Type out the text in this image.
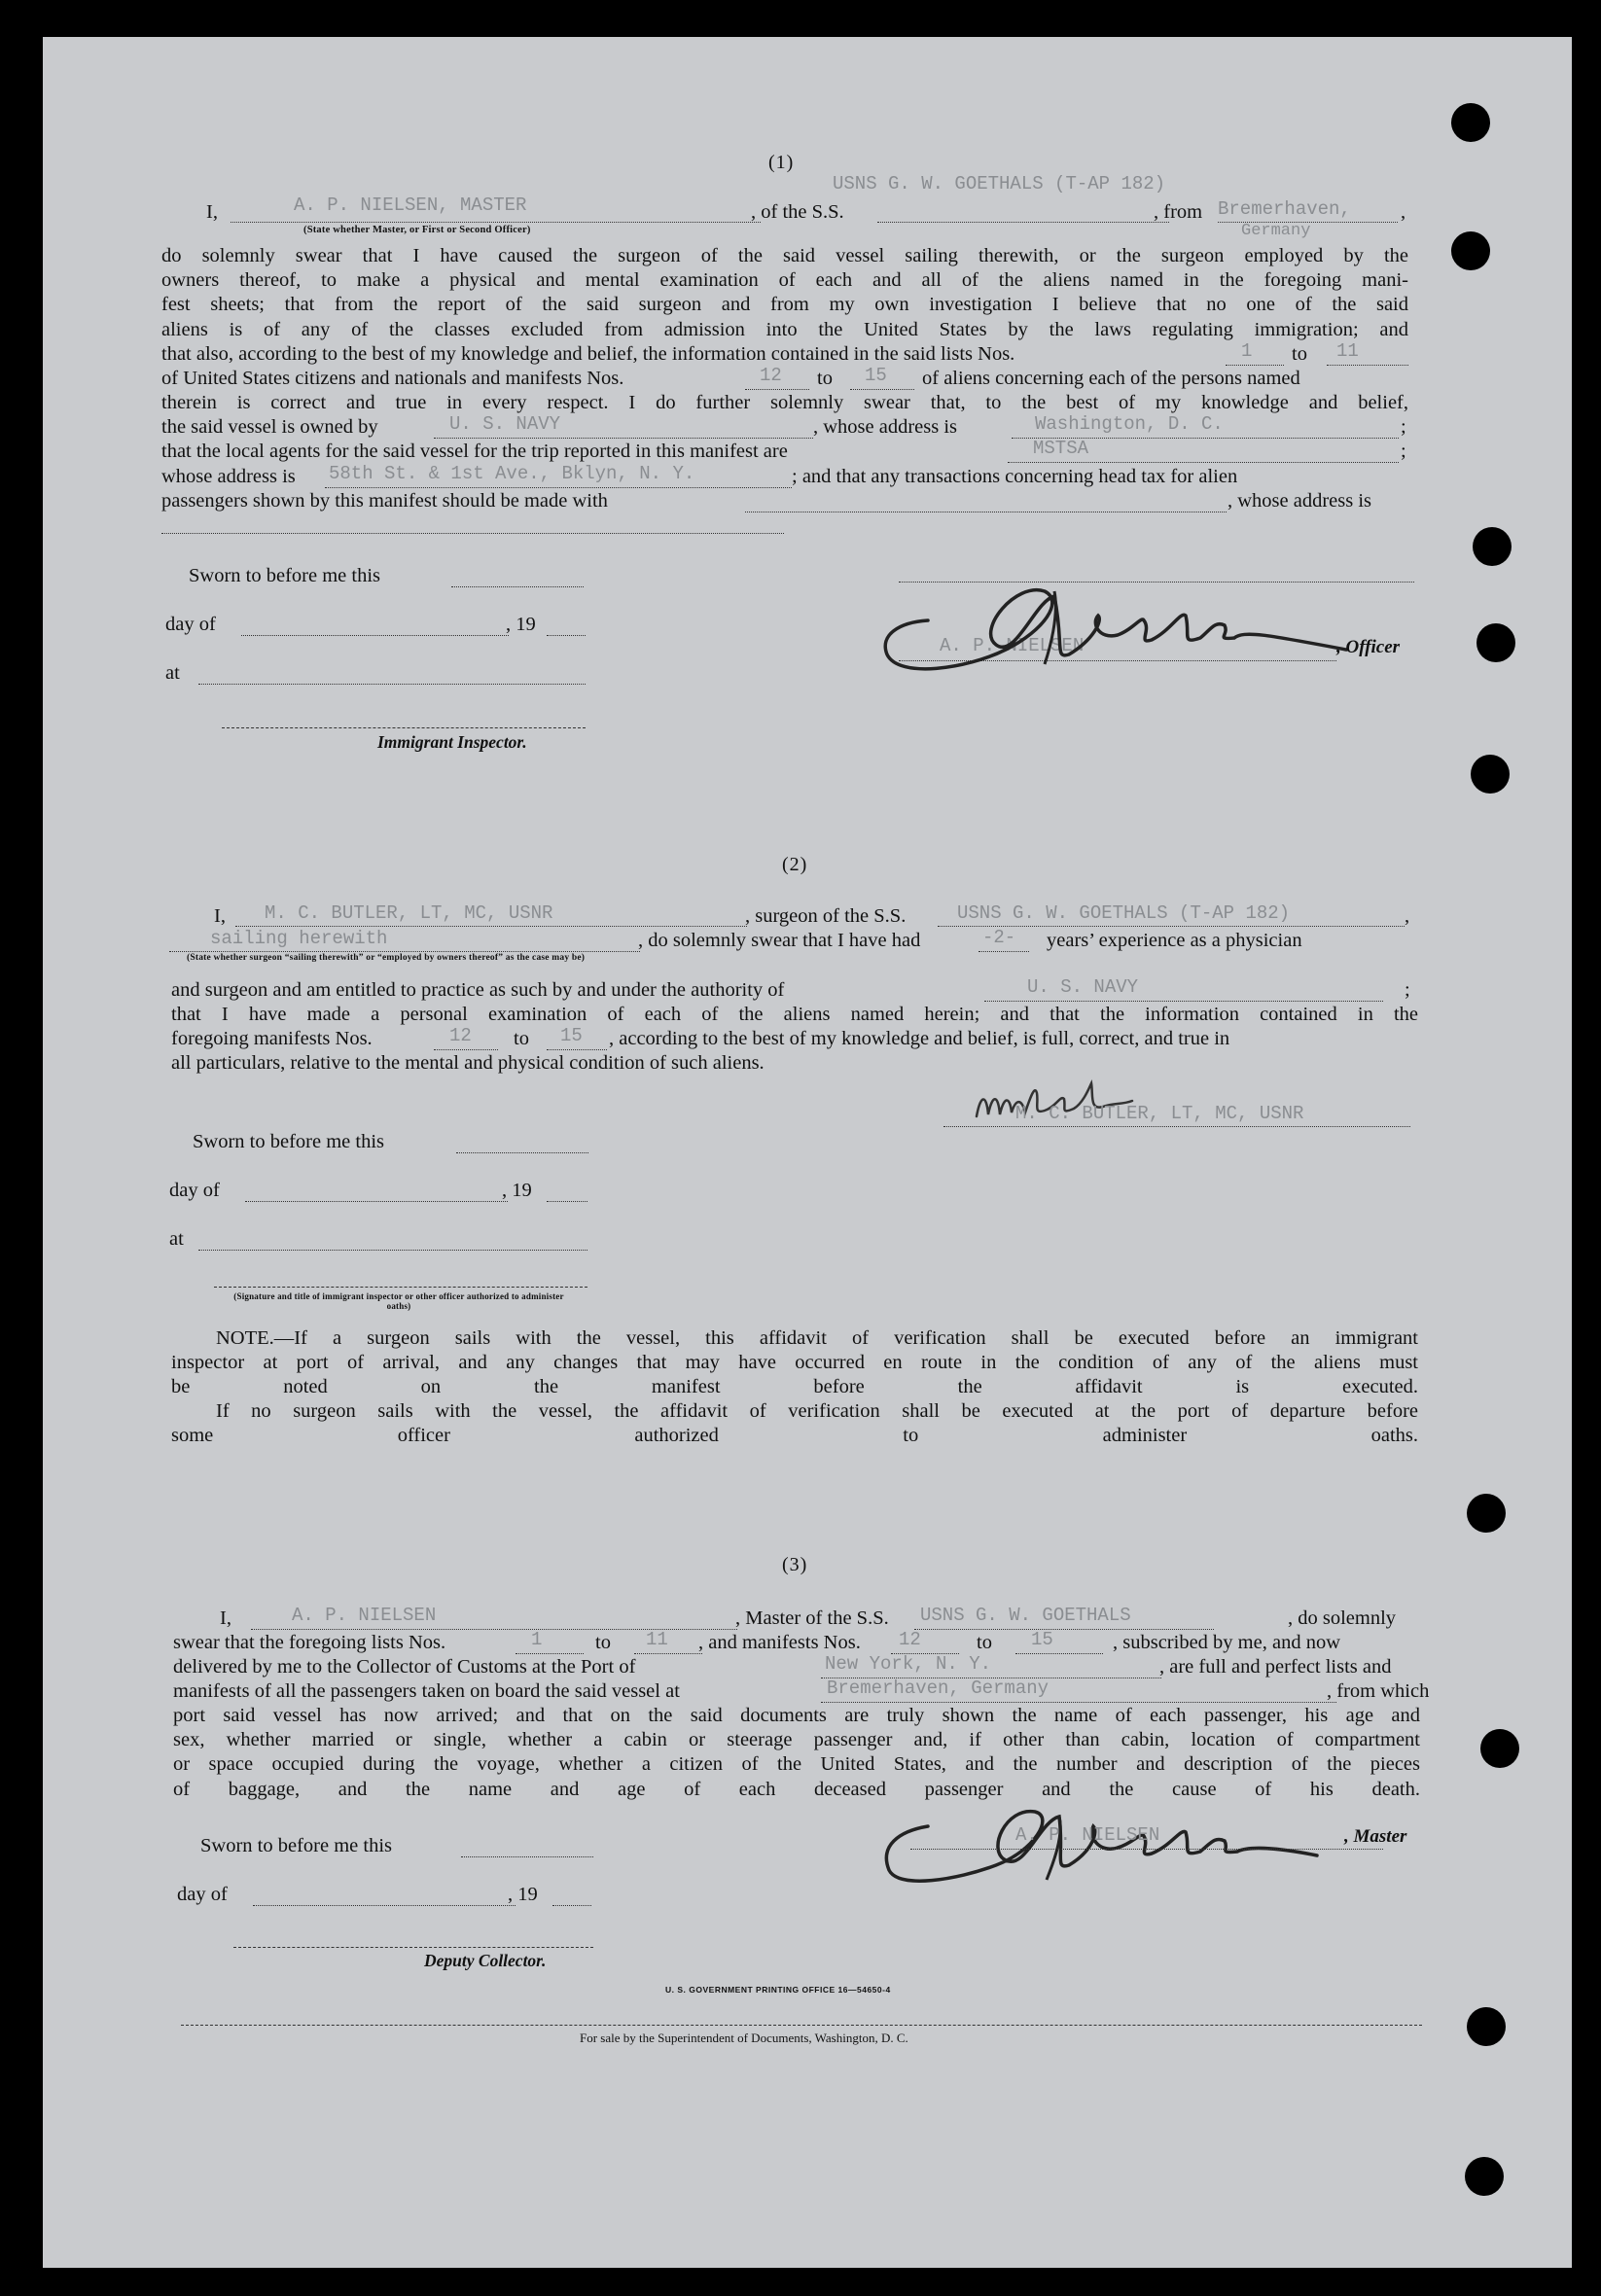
(1)
I,	A. P. NIELSEN, MASTER
(State whether Master, or First or Second Officer)
, of the S.S.
USNS G. W. GOETHALS (T-AP 182)
, from Bremerhaven,
Germany
,
do solemnly swear that I have caused the surgeon of the said vessel sailing therewith, or the surgeon employed by the
owners thereof, to make a physical and mental examination of each and all of the aliens named in the foregoing mani-
fest sheets; that from the report of the said surgeon and from my own investigation I believe that no one of the said
aliens is of any of the classes excluded from admission into the United States by the laws regulating immigration; and
that also, according to the best of my knowledge and belief, the information contained in the said lists Nos.	1 to 11
of United States citizens and nationals and manifests Nos.	12 to 15 of aliens concerning each of the persons named
therein is correct and true in every respect. I do further solemnly swear that, to the best of my knowledge and belief,
the said vessel is owned by	U. S. NAVY	, whose address is	Washington, D. C.	;
that the local agents for the said vessel for the trip reported in this manifest are	MSTSA	;
whose address is 58th St. & 1st Ave., Bklyn, N. Y.	; and that any transactions concerning head tax for alien
passengers shown by this manifest should be made with	, whose address is
Sworn to before me this
day of	, 19
at
Immigrant Inspector.
A. P. NIELSEN	, Officer
(2)
I, M. C. BUTLER, LT, MC, USNR	, surgeon of the S.S.	USNS G. W. GOETHALS (T-AP 182)	,
sailing herewith	, do solemnly swear that I have had	-2- years’ experience as a physician
(State whether surgeon “sailing therewith” or “employed by owners thereof” as the case may be)
and surgeon and am entitled to practice as such by and under the authority of	U. S. NAVY	;
that I have made a personal examination of each of the aliens named herein; and that the information contained in the
foregoing manifests Nos.	12 to 15 , according to the best of my knowledge and belief, is full, correct, and true in
all particulars, relative to the mental and physical condition of such aliens.
M. C. BUTLER, LT, MC, USNR
Sworn to before me this
day of	, 19
at
(Signature and title of immigrant inspector or other officer authorized to administer oaths)
NOTE.—If a surgeon sails with the vessel, this affidavit of verification shall be executed before an immigrant
inspector at port of arrival, and any changes that may have occurred en route in the condition of any of the aliens must
be noted on the manifest before the affidavit is executed.
If no surgeon sails with the vessel, the affidavit of verification shall be executed at the port of departure before
some officer authorized to administer oaths.
(3)
I,	A. P. NIELSEN	, Master of the S.S. USNS G. W. GOETHALS	, do solemnly
swear that the foregoing lists Nos.	1	to 11 , and manifests Nos. 12	to 15	, subscribed by me, and now
delivered by me to the Collector of Customs at the Port of	New York, N. Y.	, are full and perfect lists and
manifests of all the passengers taken on board the said vessel at	Bremerhaven, Germany	, from which
port said vessel has now arrived; and that on the said documents are truly shown the name of each passenger, his age and
sex, whether married or single, whether a cabin or steerage passenger and, if other than cabin, location of compartment
or space occupied during the voyage, whether a citizen of the United States, and the number and description of the pieces
of baggage, and the name and age of each deceased passenger and the cause of his death.
A. P. NIELSEN	, Master
Sworn to before me this
day of	, 19
Deputy Collector.
U. S. GOVERNMENT PRINTING OFFICE 16—54650-4
For sale by the Superintendent of Documents, Washington, D. C.
